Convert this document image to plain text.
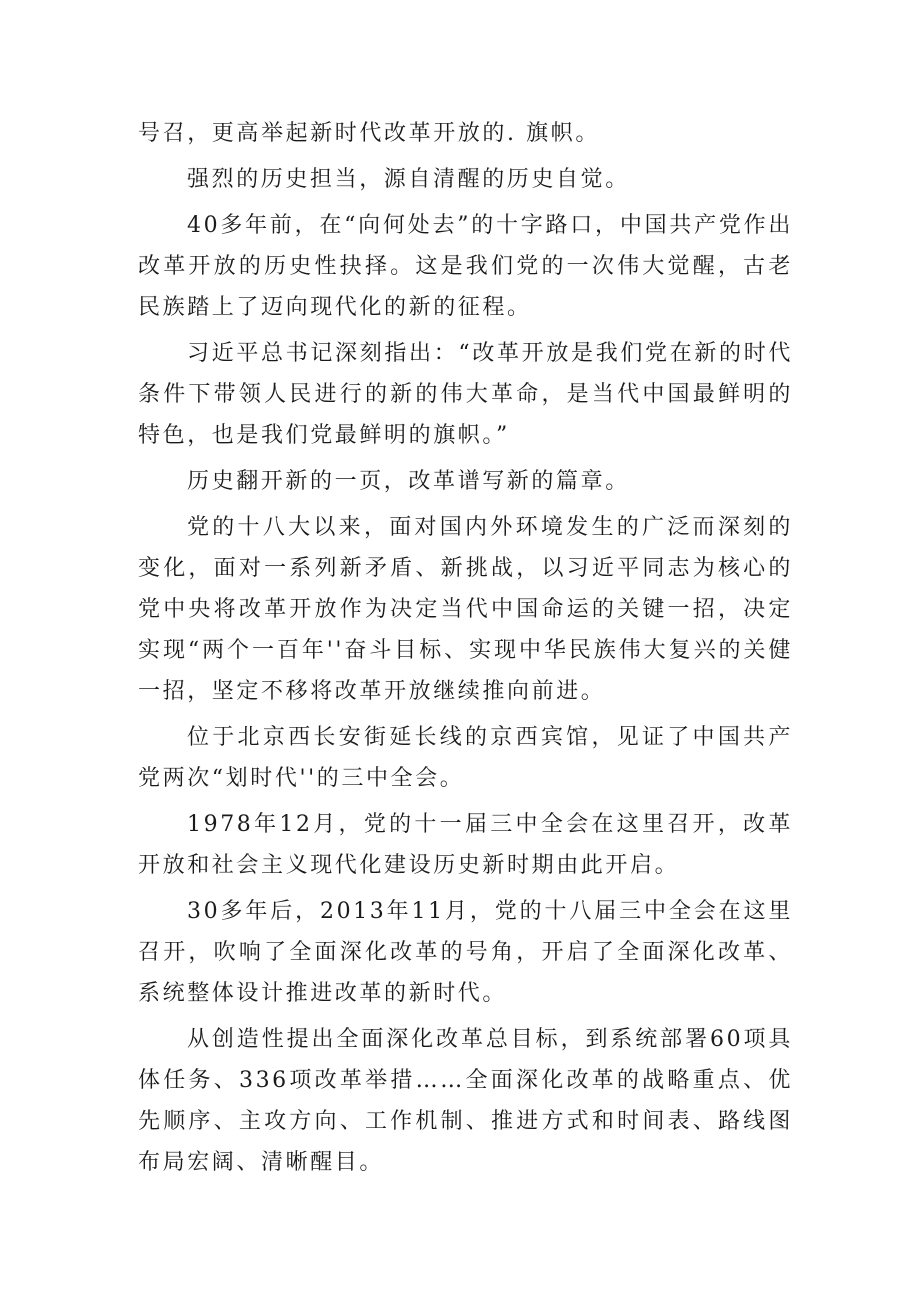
号召，更高举起新时代改革开放的. 旗帜。

强烈的历史担当，源自清醒的历史自觉。

40多年前，在“向何处去”的十字路口，中国共产党作出改革开放的历史性抉择。这是我们党的一次伟大觉醒，古老民族踏上了迈向现代化的新的征程。

习近平总书记深刻指出：“改革开放是我们党在新的时代条件下带领人民进行的新的伟大革命，是当代中国最鲜明的特色，也是我们党最鲜明的旗帜。”

历史翻开新的一页，改革谱写新的篇章。

党的十八大以来，面对国内外环境发生的广泛而深刻的变化，面对一系列新矛盾、新挑战，以习近平同志为核心的党中央将改革开放作为决定当代中国命运的关键一招，决定实现“两个一百年''奋斗目标、实现中华民族伟大复兴的关健一招，坚定不移将改革开放继续推向前进。

位于北京西长安街延长线的京西宾馆，见证了中国共产党两次“划时代''的三中全会。

1978年12月，党的十一届三中全会在这里召开，改革开放和社会主义现代化建设历史新时期由此开启。

30多年后，2013年11月，党的十八届三中全会在这里召开，吹响了全面深化改革的号角，开启了全面深化改革、系统整体设计推进改革的新时代。

从创造性提出全面深化改革总目标，到系统部署60项具体任务、336项改革举措……全面深化改革的战略重点、优先顺序、主攻方向、工作机制、推进方式和时间表、路线图布局宏阔、清晰醒目。
